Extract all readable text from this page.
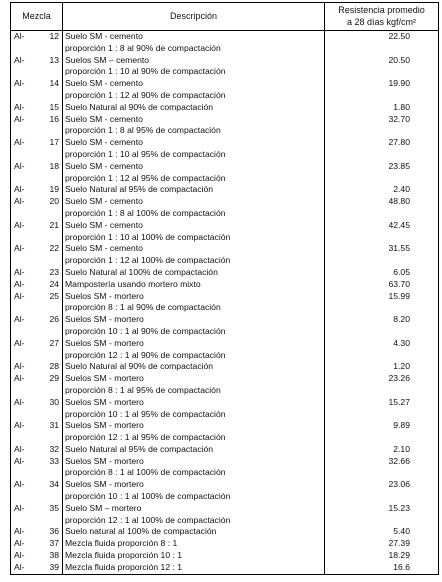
Mezcla	Descripción	Resistencia promedio
a 28 días kgf/cm²

Al- 12	Suelo SM - cemento
proporción 1 : 8 al 90% de compactación	22.50

Al- 13	Suelos SM – cemento
proporción 1 : 10 al 90% de compactación	20.50

Al- 14	Suelo SM - cemento
proporción 1 : 12 al 90% de compactación	19.90

Al- 15	Suelo Natural al 90% de compactación	1.80

Al- 16	Suelo SM - cemento
proporción 1 : 8 al 95% de compactación	32.70

Al- 17	Suelo SM - cemento
proporción 1 : 10 al 95% de compactación	27.80

Al- 18	Suelo SM - cemento
proporción 1 : 12 al 95% de compactación	23.85

Al- 19	Suelo Natural al 95% de compactación	2.40

Al- 20	Suelo SM - cemento
proporción 1 : 8 al 100% de compactación	48.80

Al- 21	Suelo SM - cemento
proporción 1 : 10 al 100% de compactación	42.45

Al- 22	Suelo SM - cemento
proporción 1 : 12 al 100% de compactación	31.55

Al- 23	Suelo Natural al 100% de compactación	6.05

Al- 24	Mampostería usando mortero mixto	63.70

Al- 25	Suelos SM - mortero
proporción 8 : 1 al 90% de compactación	15.99

Al- 26	Suelos SM - mortero
proporción 10 : 1 al 90% de compactación	8.20

Al- 27	Suelos SM - mortero
proporción 12 : 1 al 90% de compactación	4.30

Al- 28	Suelo Natural al 90% de compactación	1.20

Al- 29	Suelos SM - mortero
proporción 8 : 1 al 95% de compactación	23.26

Al- 30	Suelos SM - mortero
proporción 10 : 1 al 95% de compactación	15.27

Al- 31	Suelos SM - mortero
proporción 12 : 1 al 95% de compactación	9.89

Al- 32	Suelo Natural al 95% de compactación	2.10

Al- 33	Suelos SM - mortero
proporción 8 : 1 al 100% de compactación	32.66

Al- 34	Suelos SM - mortero
proporción 10 : 1 al 100% de compactación	23.06

Al- 35	Suelo SM – mortero
proporción 12 : 1 al 100% de compactación	15.23

Al- 36	Suelo natural al 100% de compactación	5.40

Al- 37	Mezcla fluida proporción 8 : 1	27.39

Al- 38	Mezcla fluida proporción 10 : 1	18.29

Al- 39	Mezcla fluida proporción 12 : 1	16.6
